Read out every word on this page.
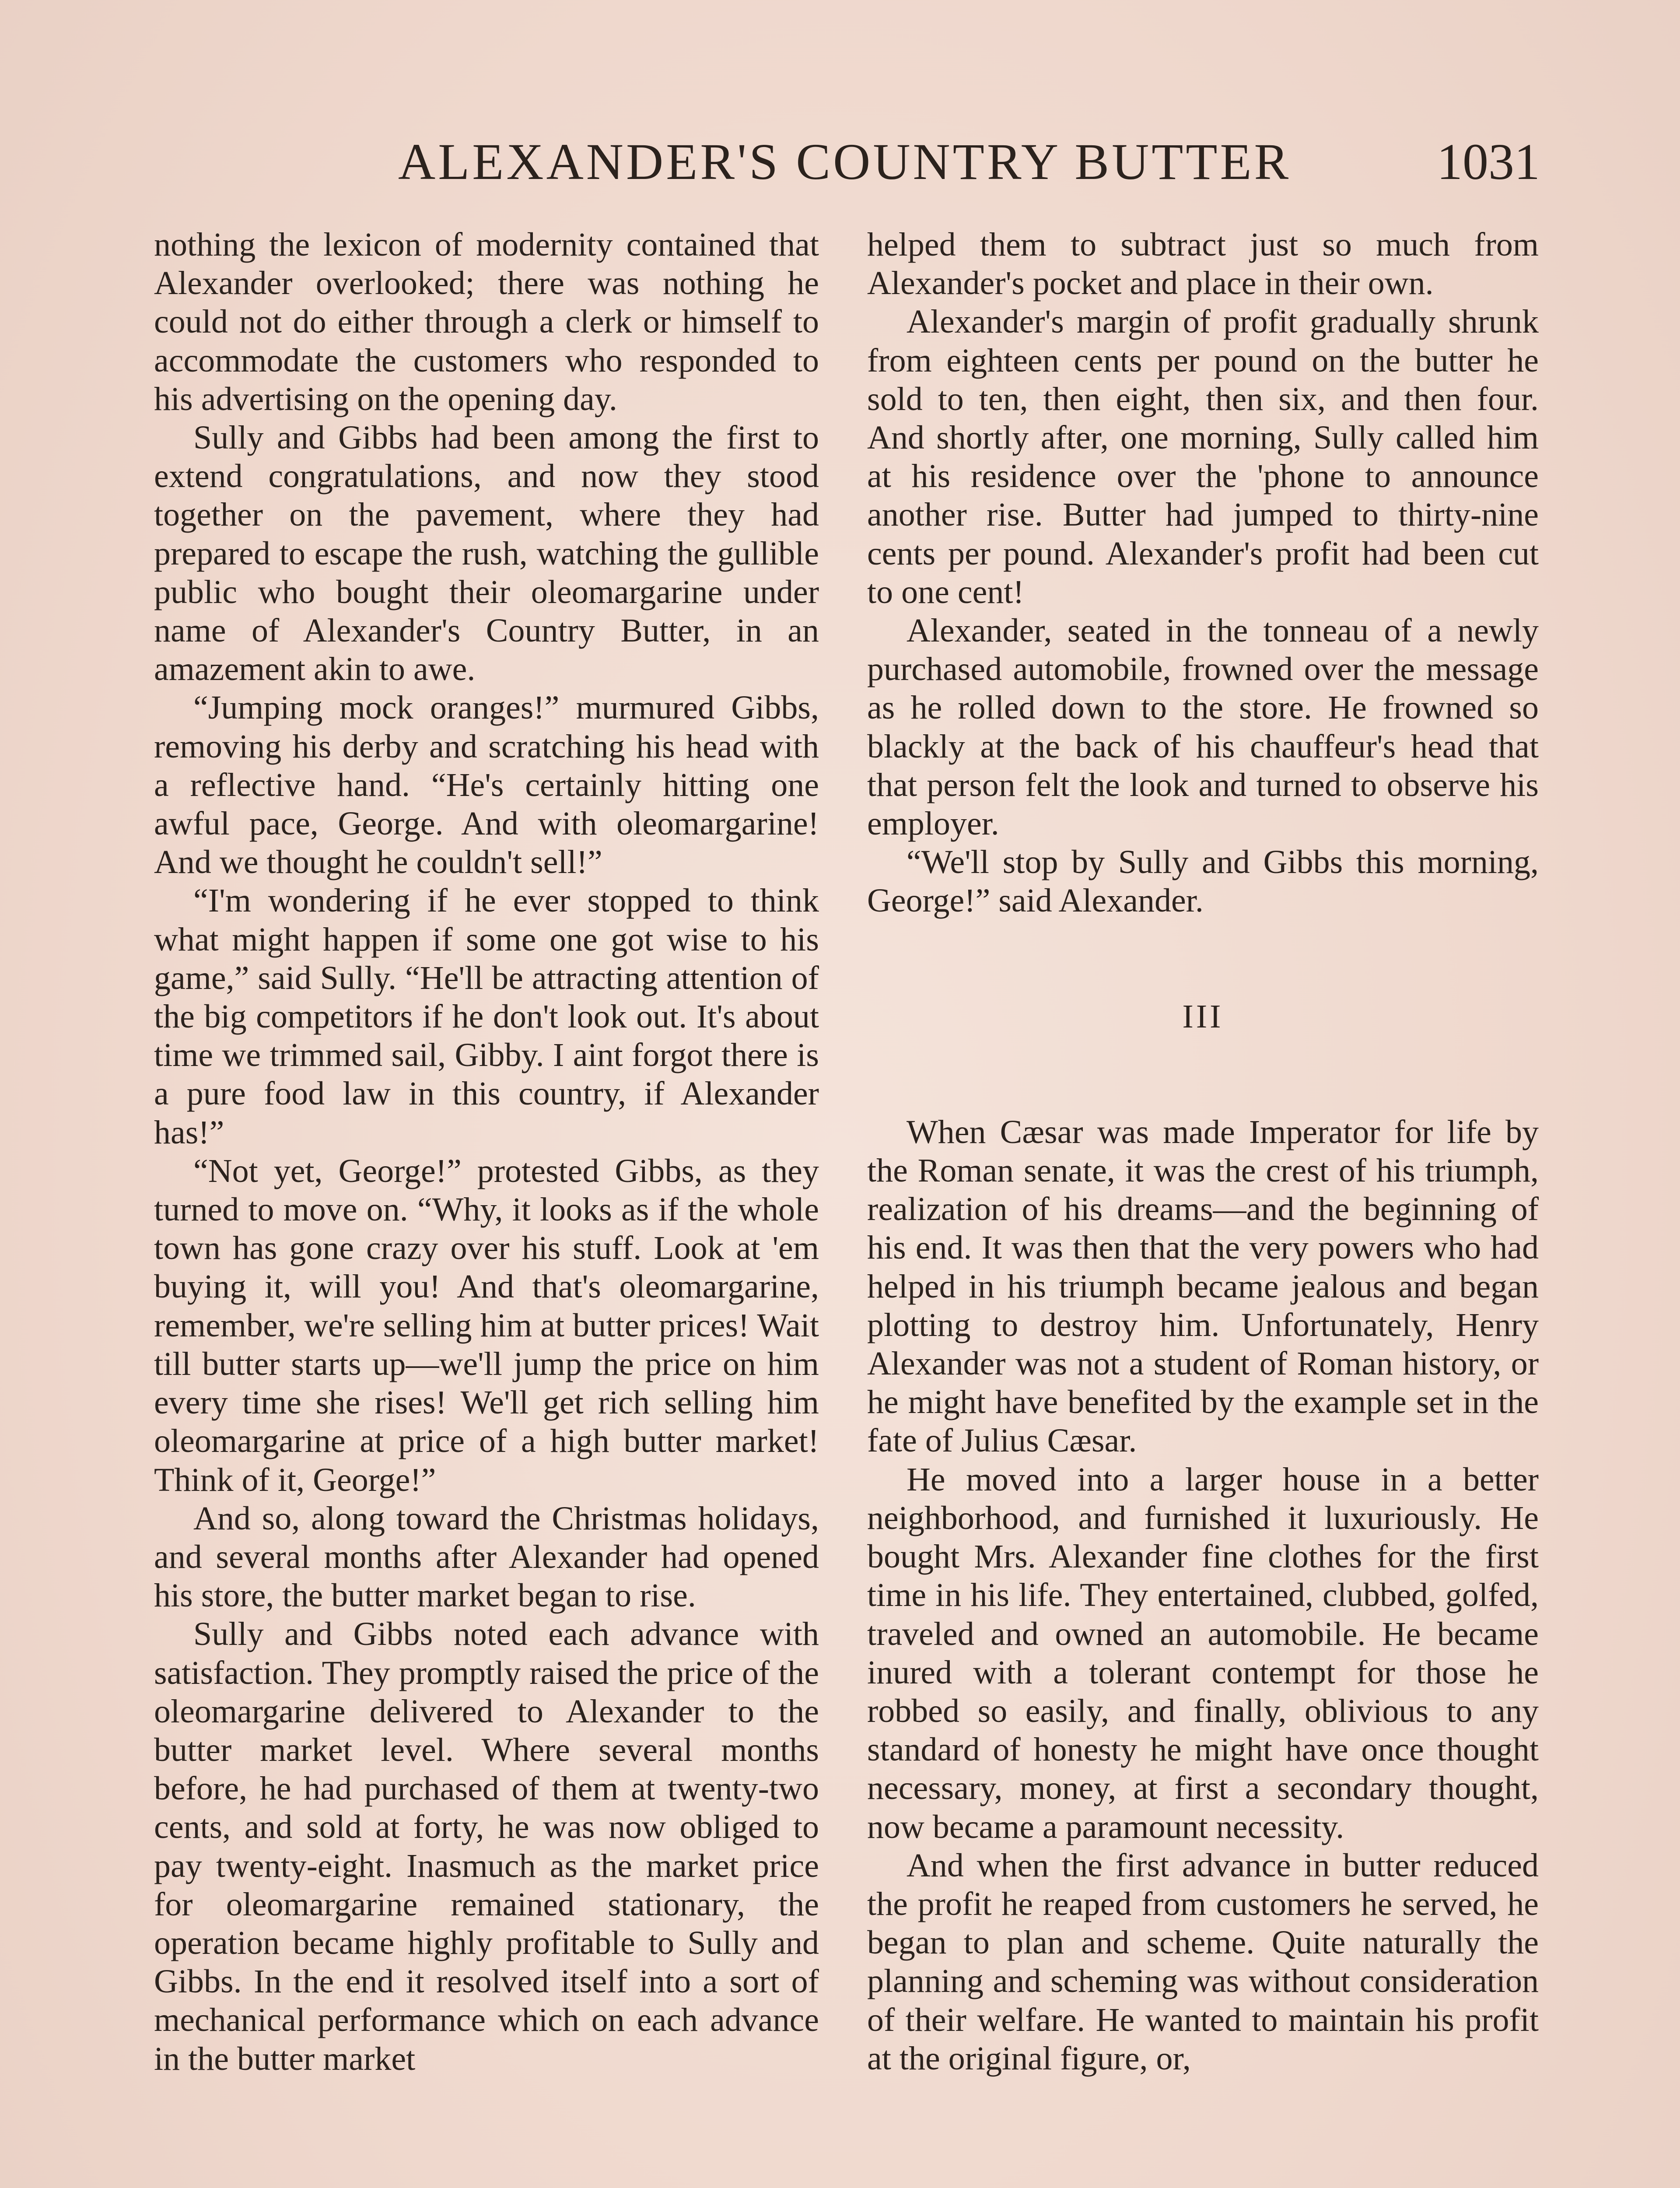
ALEXANDER'S COUNTRY BUTTER	1031

nothing the lexicon of modernity contained that Alexander overlooked; there was nothing he could not do either through a clerk or himself to accommodate the customers who responded to his advertising on the opening day.

Sully and Gibbs had been among the first to extend congratulations, and now they stood together on the pavement, where they had prepared to escape the rush, watching the gullible public who bought their oleomargarine under name of Alexander's Country Butter, in an amazement akin to awe.

“Jumping mock oranges!” murmured Gibbs, removing his derby and scratching his head with a reflective hand. “He's certainly hitting one awful pace, George. And with oleomargarine! And we thought he couldn't sell!”

“I'm wondering if he ever stopped to think what might happen if some one got wise to his game,” said Sully. “He'll be attracting attention of the big competitors if he don't look out. It's about time we trimmed sail, Gibby. I aint forgot there is a pure food law in this country, if Alexander has!”

“Not yet, George!” protested Gibbs, as they turned to move on. “Why, it looks as if the whole town has gone crazy over his stuff. Look at 'em buying it, will you! And that's oleomargarine, remember, we're selling him at butter prices! Wait till butter starts up—we'll jump the price on him every time she rises! We'll get rich selling him oleomargarine at price of a high butter market! Think of it, George!”

And so, along toward the Christmas holidays, and several months after Alexander had opened his store, the butter market began to rise.

Sully and Gibbs noted each advance with satisfaction. They promptly raised the price of the oleomargarine delivered to Alexander to the butter market level. Where several months before, he had purchased of them at twenty-two cents, and sold at forty, he was now obliged to pay twenty-eight. Inasmuch as the market price for oleomargarine remained stationary, the operation became highly profitable to Sully and Gibbs. In the end it resolved itself into a sort of mechanical performance which on each advance in the butter market

helped them to subtract just so much from Alexander's pocket and place in their own.

Alexander's margin of profit gradually shrunk from eighteen cents per pound on the butter he sold to ten, then eight, then six, and then four. And shortly after, one morning, Sully called him at his residence over the 'phone to announce another rise. Butter had jumped to thirty-nine cents per pound. Alexander's profit had been cut to one cent!

Alexander, seated in the tonneau of a newly purchased automobile, frowned over the message as he rolled down to the store. He frowned so blackly at the back of his chauffeur's head that that person felt the look and turned to observe his employer.

“We'll stop by Sully and Gibbs this morning, George!” said Alexander.

III

When Cæsar was made Imperator for life by the Roman senate, it was the crest of his triumph, realization of his dreams—and the beginning of his end. It was then that the very powers who had helped in his triumph became jealous and began plotting to destroy him. Unfortunately, Henry Alexander was not a student of Roman history, or he might have benefited by the example set in the fate of Julius Cæsar.

He moved into a larger house in a better neighborhood, and furnished it luxuriously. He bought Mrs. Alexander fine clothes for the first time in his life. They entertained, clubbed, golfed, traveled and owned an automobile. He became inured with a tolerant contempt for those he robbed so easily, and finally, oblivious to any standard of honesty he might have once thought necessary, money, at first a secondary thought, now became a paramount necessity.

And when the first advance in butter reduced the profit he reaped from customers he served, he began to plan and scheme. Quite naturally the planning and scheming was without consideration of their welfare. He wanted to maintain his profit at the original figure, or,
